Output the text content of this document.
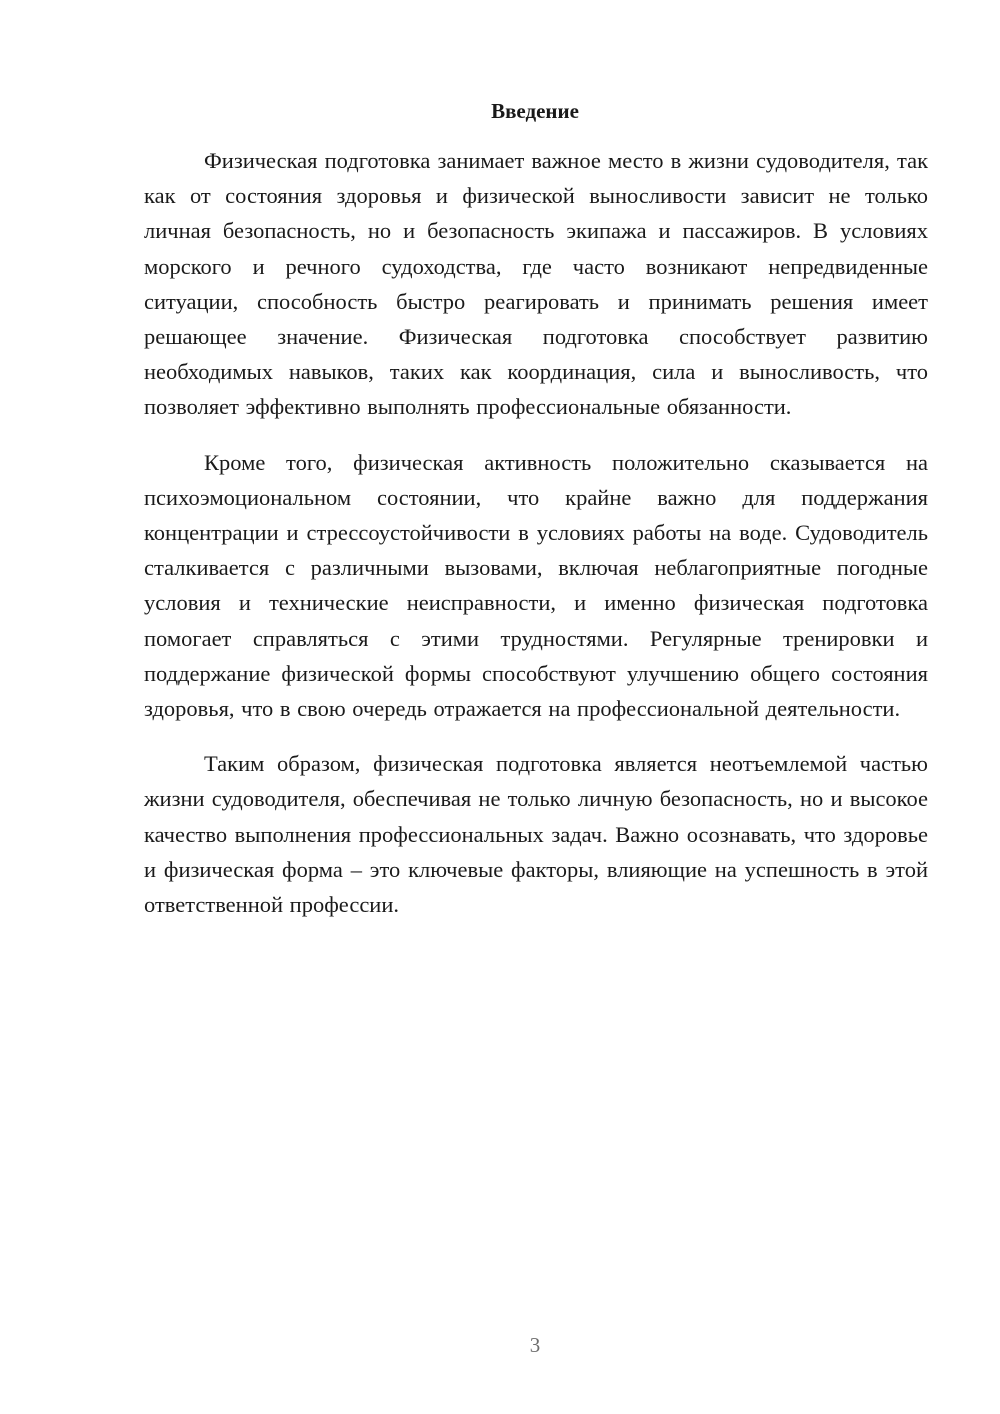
Введение

Физическая подготовка занимает важное место в жизни судоводителя, так как от состояния здоровья и физической выносливости зависит не только личная безопасность, но и безопасность экипажа и пассажиров. В условиях морского и речного судоходства, где часто возникают непредвиденные ситуации, способность быстро реагировать и принимать решения имеет решающее значение. Физическая подготовка способствует развитию необходимых навыков, таких как координация, сила и выносливость, что позволяет эффективно выполнять профессиональные обязанности.

Кроме того, физическая активность положительно сказывается на психоэмоциональном состоянии, что крайне важно для поддержания концентрации и стрессоустойчивости в условиях работы на воде. Судоводитель сталкивается с различными вызовами, включая неблагоприятные погодные условия и технические неисправности, и именно физическая подготовка помогает справляться с этими трудностями. Регулярные тренировки и поддержание физической формы способствуют улучшению общего состояния здоровья, что в свою очередь отражается на профессиональной деятельности.

Таким образом, физическая подготовка является неотъемлемой частью жизни судоводителя, обеспечивая не только личную безопасность, но и высокое качество выполнения профессиональных задач. Важно осознавать, что здоровье и физическая форма – это ключевые факторы, влияющие на успешность в этой ответственной профессии.

3
